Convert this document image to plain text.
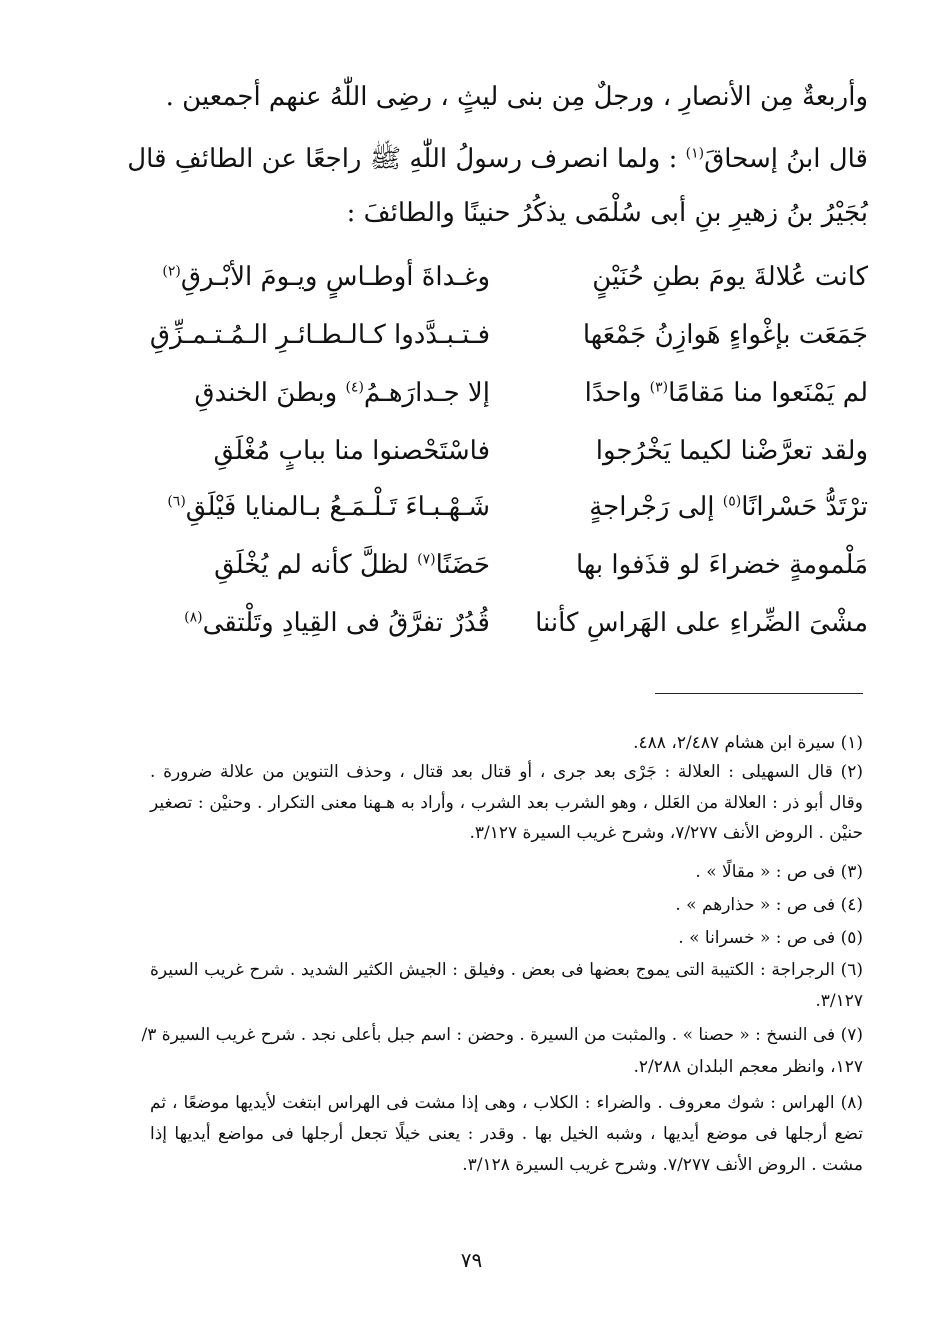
وأربعةٌ مِن الأنصارِ ، ورجلٌ مِن بنى ليثٍ ، رضِى اللّٰهُ عنهم أجمعين .
قال ابنُ إسحاقَ$^{(١)}$ : ولما انصرف رسولُ اللّٰهِ ﷺ راجعًا عن الطائفِ قال
بُجَيْرُ بنُ زهيرِ بنِ أبى سُلْمَى يذكُرُ حنينًا والطائفَ :
كانت عُلالةَ يومَ بطنِ حُنَيْنٍ
وغـداةَ أوطـاسٍ ويـومَ الأبْـرقِ$^{(٢)}$
جَمَعَت بإغْواءٍ هَوازِنُ جَمْعَها
فـتـبـدَّدوا كـالـطـائـرِ الـمُـتـمـزِّقِ
لم يَمْنَعوا منا مَقامًا$^{(٣)}$ واحدًا
إلا جـدارَهـمُ$^{(٤)}$ وبطنَ الخندقِ
ولقد تعرَّضْنا لكيما يَخْرُجوا
فاسْتَحْصنوا منا ببابٍ مُغْلَقِ
ترْتَدُّ حَسْرانًا$^{(٥)}$ إلى رَجْراجةٍ
شَـهْـبـاءَ تَـلْـمَـعُ بـالمنايا فَيْلَقِ$^{(٦)}$
مَلْمومةٍ خضراءَ لو قذَفوا بها
حَضَنًا$^{(٧)}$ لظلَّ كأنه لم يُخْلَقِ
مشْىَ الضِّراءِ على الهَراسِ كأننا
قُدُرٌ تفرَّقُ فى القِيادِ وتَلْتقى$^{(٨)}$
(١) سيرة ابن هشام ٢/٤٨٧، ٤٨٨.
(٢) قال السهيلى : العلالة : جَرْى بعد جرى ، أو قتال بعد قتال ، وحذف التنوين من علالة ضرورة .
وقال أبو ذر : العلالة من العَلل ، وهو الشرب بعد الشرب ، وأراد به هـهنا معنى التكرار . وحنيْن : تصغير
حنيْن . الروض الأنف ٧/٢٧٧، وشرح غريب السيرة ٣/١٢٧.
(٣) فى ص : « مقالًا » .
(٤) فى ص : « حذارهم » .
(٥) فى ص : « خسرانا » .
(٦) الرجراجة : الكتيبة التى يموج بعضها فى بعض . وفيلق : الجيش الكثير الشديد . شرح غريب السيرة
٣/١٢٧.
(٧) فى النسخ : « حصنا » . والمثبت من السيرة . وحضن : اسم جبل بأعلى نجد . شرح غريب السيرة ٣/
١٢٧، وانظر معجم البلدان ٢/٢٨٨.
(٨) الهراس : شوك معروف . والضراء : الكلاب ، وهى إذا مشت فى الهراس ابتغت لأيديها موضعًا ، ثم
تضع أرجلها فى موضع أيديها ، وشبه الخيل بها . وقدر : يعنى خيلًا تجعل أرجلها فى مواضع أيديها إذا
مشت . الروض الأنف ٧/٢٧٧. وشرح غريب السيرة ٣/١٢٨.
٧٩
